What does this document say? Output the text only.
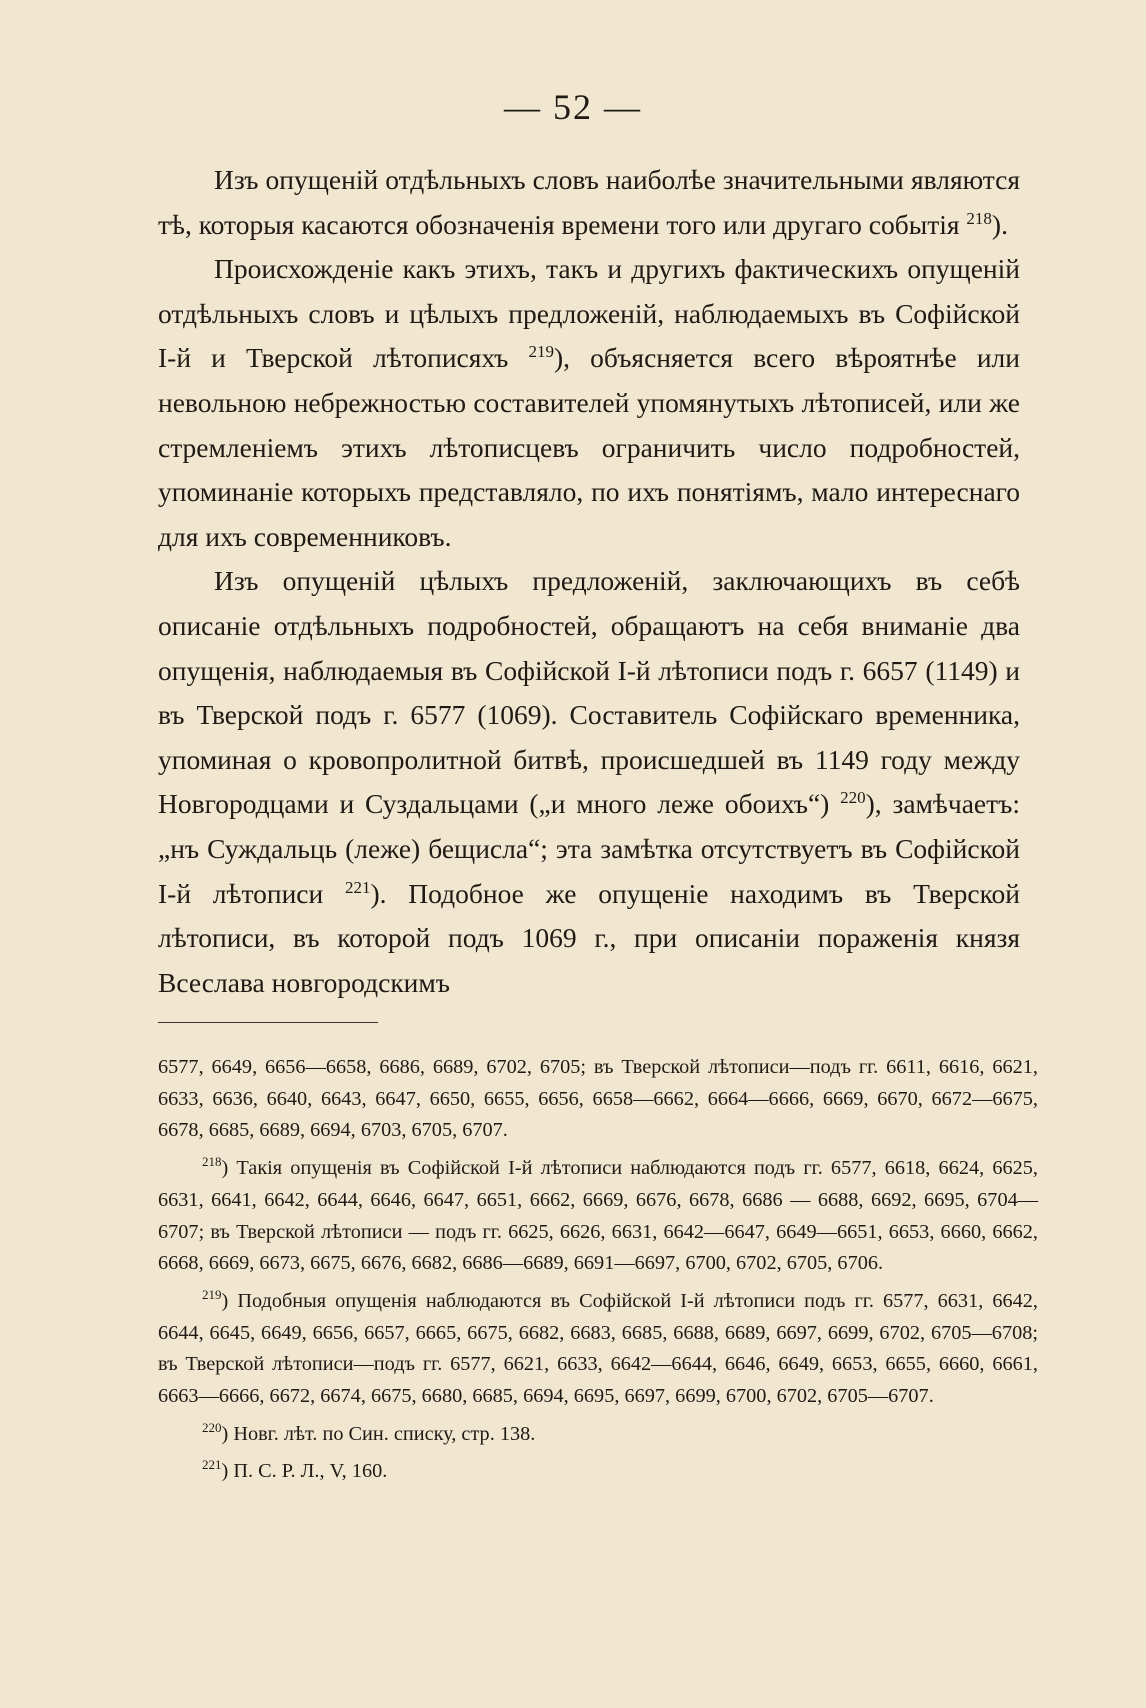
— 52 —

Изъ опущенiй отдѣльныхъ словъ наиболѣе значительными являются тѣ, которыя касаются обозначенiя времени того или другаго событiя $^{218}$).

Происхожденiе какъ этихъ, такъ и другихъ фактическихъ опущенiй отдѣльныхъ словъ и цѣлыхъ предложенiй, наблюдаемыхъ въ Софiйской I-й и Тверской лѣтописяхъ $^{219}$), объясняется всего вѣроятнѣе или невольною небрежностью составителей упомянутыхъ лѣтописей, или же стремленiемъ этихъ лѣтописцевъ ограничить число подробностей, упоминанiе которыхъ представляло, по ихъ понятiямъ, мало интереснаго для ихъ современниковъ.

Изъ опущенiй цѣлыхъ предложенiй, заключающихъ въ себѣ описанiе отдѣльныхъ подробностей, обращаютъ на себя вниманiе два опущенiя, наблюдаемыя въ Софiйской I-й лѣтописи подъ г. 6657 (1149) и въ Тверской подъ г. 6577 (1069). Составитель Софiйскаго временника, упоминая о кровопролитной битвѣ, происшедшей въ 1149 году между Новгородцами и Суздальцами („и много леже обоихъ“) $^{220}$), замѣчаетъ: „нъ Суждальць (леже) бещисла“; эта замѣтка отсутствуетъ въ Софiйской I-й лѣтописи $^{221}$). Подобное же опущенiе находимъ въ Тверской лѣтописи, въ которой подъ 1069 г., при описанiи пораженiя князя Всеслава новгородскимъ

6577, 6649, 6656—6658, 6686, 6689, 6702, 6705; въ Тверской лѣтописи—подъ гг. 6611, 6616, 6621, 6633, 6636, 6640, 6643, 6647, 6650, 6655, 6656, 6658—6662, 6664—6666, 6669, 6670, 6672—6675, 6678, 6685, 6689, 6694, 6703, 6705, 6707.

$^{218}$) Такiя опущенiя въ Софiйской I-й лѣтописи наблюдаются подъ гг. 6577, 6618, 6624, 6625, 6631, 6641, 6642, 6644, 6646, 6647, 6651, 6662, 6669, 6676, 6678, 6686 — 6688, 6692, 6695, 6704—6707; въ Тверской лѣтописи — подъ гг. 6625, 6626, 6631, 6642—6647, 6649—6651, 6653, 6660, 6662, 6668, 6669, 6673, 6675, 6676, 6682, 6686—6689, 6691—6697, 6700, 6702, 6705, 6706.

$^{219}$) Подобныя опущенiя наблюдаются въ Софiйской I-й лѣтописи подъ гг. 6577, 6631, 6642, 6644, 6645, 6649, 6656, 6657, 6665, 6675, 6682, 6683, 6685, 6688, 6689, 6697, 6699, 6702, 6705—6708; въ Тверской лѣтописи—подъ гг. 6577, 6621, 6633, 6642—6644, 6646, 6649, 6653, 6655, 6660, 6661, 6663—6666, 6672, 6674, 6675, 6680, 6685, 6694, 6695, 6697, 6699, 6700, 6702, 6705—6707.

$^{220}$) Новг. лѣт. по Син. списку, стр. 138.

$^{221}$) П. С. Р. Л., V, 160.
